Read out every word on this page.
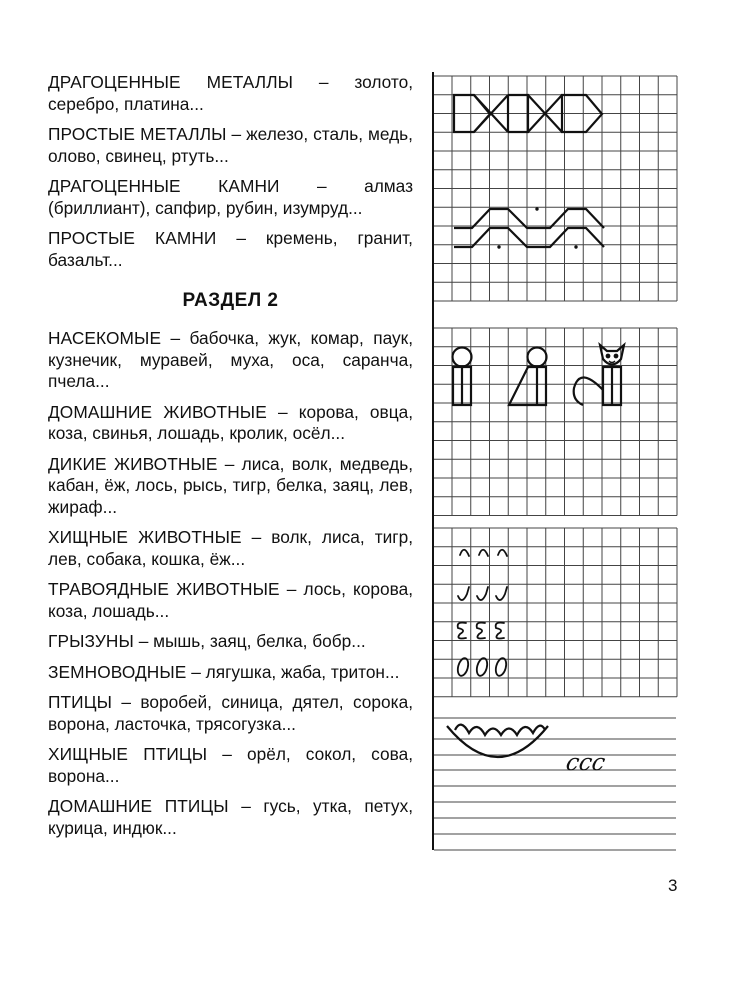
ДРАГОЦЕННЫЕ МЕТАЛЛЫ – золото, серебро, платина...

ПРОСТЫЕ МЕТАЛЛЫ – железо, сталь, медь, олово, свинец, ртуть...

ДРАГОЦЕННЫЕ КАМНИ – алмаз (бриллиант), сапфир, рубин, изумруд...

ПРОСТЫЕ КАМНИ – кремень, гранит, базальт...

РАЗДЕЛ 2

НАСЕКОМЫЕ – бабочка, жук, комар, паук, кузнечик, муравей, муха, оса, саранча, пчела...

ДОМАШНИЕ ЖИВОТНЫЕ – корова, овца, коза, свинья, лошадь, кролик, осёл...

ДИКИЕ ЖИВОТНЫЕ – лиса, волк, медведь, кабан, ёж, лось, рысь, тигр, белка, заяц, лев, жираф...

ХИЩНЫЕ ЖИВОТНЫЕ – волк, лиса, тигр, лев, собака, кошка, ёж...

ТРАВОЯДНЫЕ ЖИВОТНЫЕ – лось, корова, коза, лошадь...

ГРЫЗУНЫ – мышь, заяц, белка, бобр...

ЗЕМНОВОДНЫЕ – лягушка, жаба, тритон...

ПТИЦЫ – воробей, синица, дятел, сорока, ворона, ласточка, трясогузка...

ХИЩНЫЕ ПТИЦЫ – орёл, сокол, сова, ворона...

ДОМАШНИЕ ПТИЦЫ – гусь, утка, петух, курица, индюк...

ccc
3
